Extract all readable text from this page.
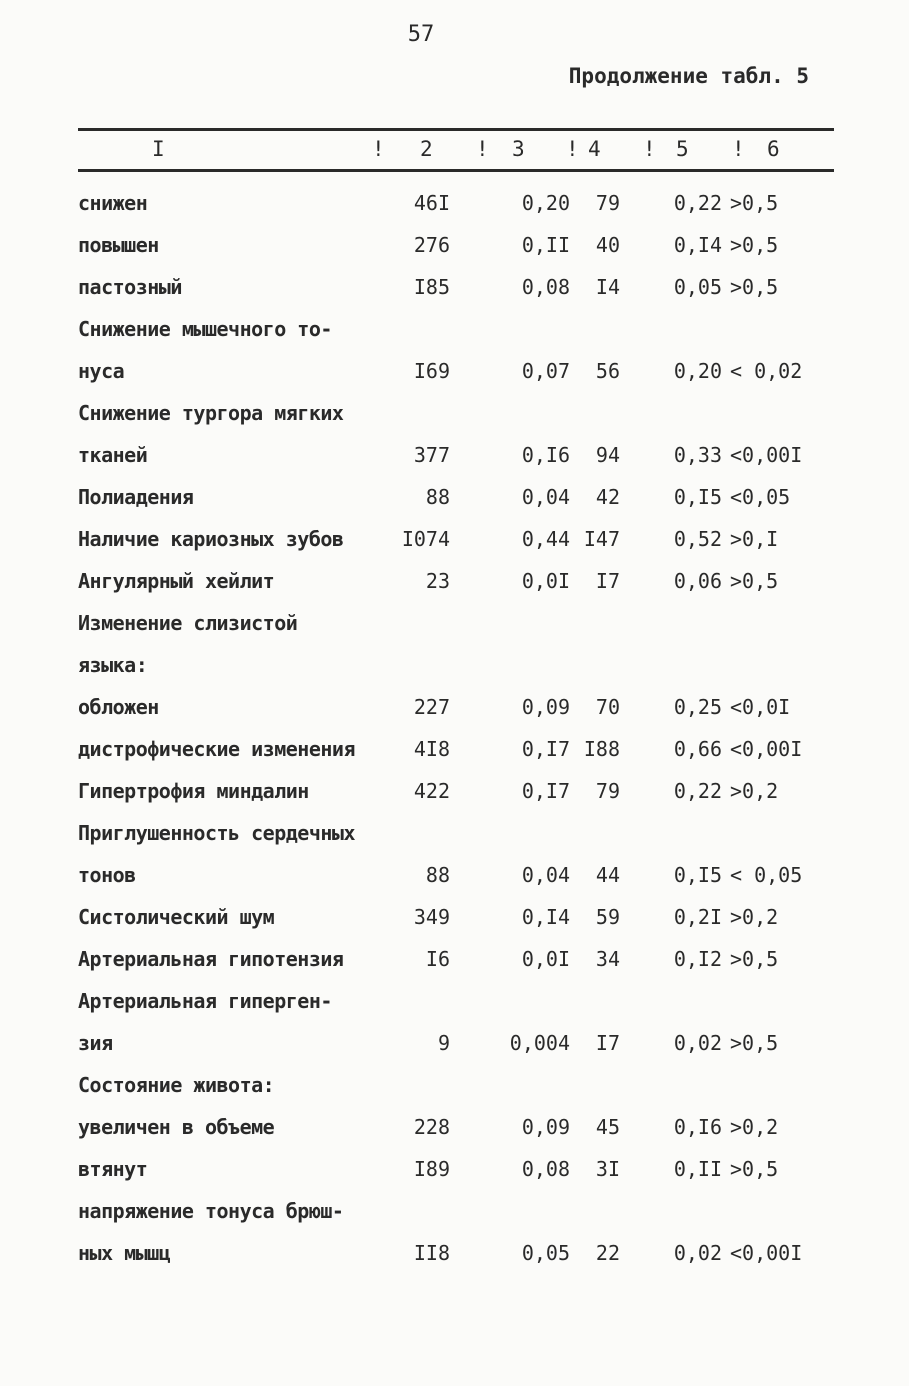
57
Продолжение табл. 5
I	! 2 ! 3 ! 4 ! 5 ! 6
снижен	46I	0,20	79	0,22 >0,5
повышен	276	0,II	40	0,I4 >0,5
пастозный	I85	0,08	I4	0,05 >0,5
Снижение мышечного то-
нуса	I69	0,07	56	0,20 < 0,02
Снижение тургора мягких
тканей	377	0,I6	94	0,33 <0,00I
Полиадения	88	0,04	42	0,I5 <0,05
Наличие кариозных зубов	I074	0,44 I47	0,52 >0,I
Ангулярный хейлит	23	0,0I	I7	0,06 >0,5
Изменение слизистой
языка:
обложен	227	0,09	70	0,25 <0,0I
дистрофические изменения	4I8	0,I7 I88	0,66 <0,00I
Гипертрофия миндалин	422	0,I7	79	0,22 >0,2
Приглушенность сердечных
тонов	88	0,04	44	0,I5 < 0,05
Систолический шум	349	0,I4	59	0,2I >0,2
Артериальная гипотензия	I6	0,0I	34	0,I2 >0,5
Артериальная гиперген-
зия	9	0,004	I7	0,02 >0,5
Состояние живота:
увеличен в объеме	228	0,09	45	0,I6 >0,2
втянут	I89	0,08	3I	0,II >0,5
напряжение тонуса брюш-
ных мышц	II8	0,05	22	0,02 <0,00I
